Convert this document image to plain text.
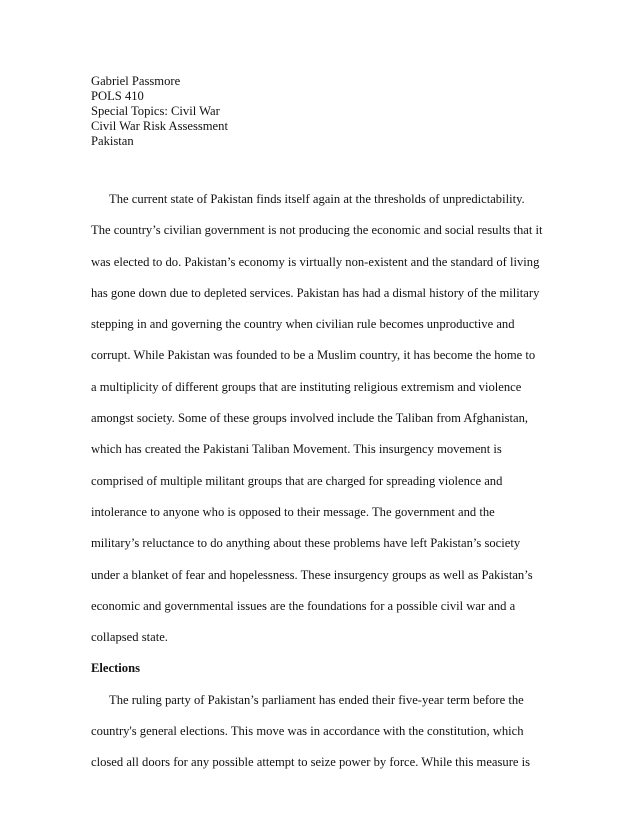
Gabriel Passmore
POLS 410
Special Topics: Civil War
Civil War Risk Assessment
Pakistan
The current state of Pakistan finds itself again at the thresholds of unpredictability.
The country’s civilian government is not producing the economic and social results that it
was elected to do. Pakistan’s economy is virtually non-existent and the standard of living
has gone down due to depleted services. Pakistan has had a dismal history of the military
stepping in and governing the country when civilian rule becomes unproductive and
corrupt. While Pakistan was founded to be a Muslim country, it has become the home to
a multiplicity of different groups that are instituting religious extremism and violence
amongst society. Some of these groups involved include the Taliban from Afghanistan,
which has created the Pakistani Taliban Movement. This insurgency movement is
comprised of multiple militant groups that are charged for spreading violence and
intolerance to anyone who is opposed to their message. The government and the
military’s reluctance to do anything about these problems have left Pakistan’s society
under a blanket of fear and hopelessness. These insurgency groups as well as Pakistan’s
economic and governmental issues are the foundations for a possible civil war and a
collapsed state.
Elections
The ruling party of Pakistan’s parliament has ended their five-year term before the
country's general elections. This move was in accordance with the constitution, which
closed all doors for any possible attempt to seize power by force. While this measure is
